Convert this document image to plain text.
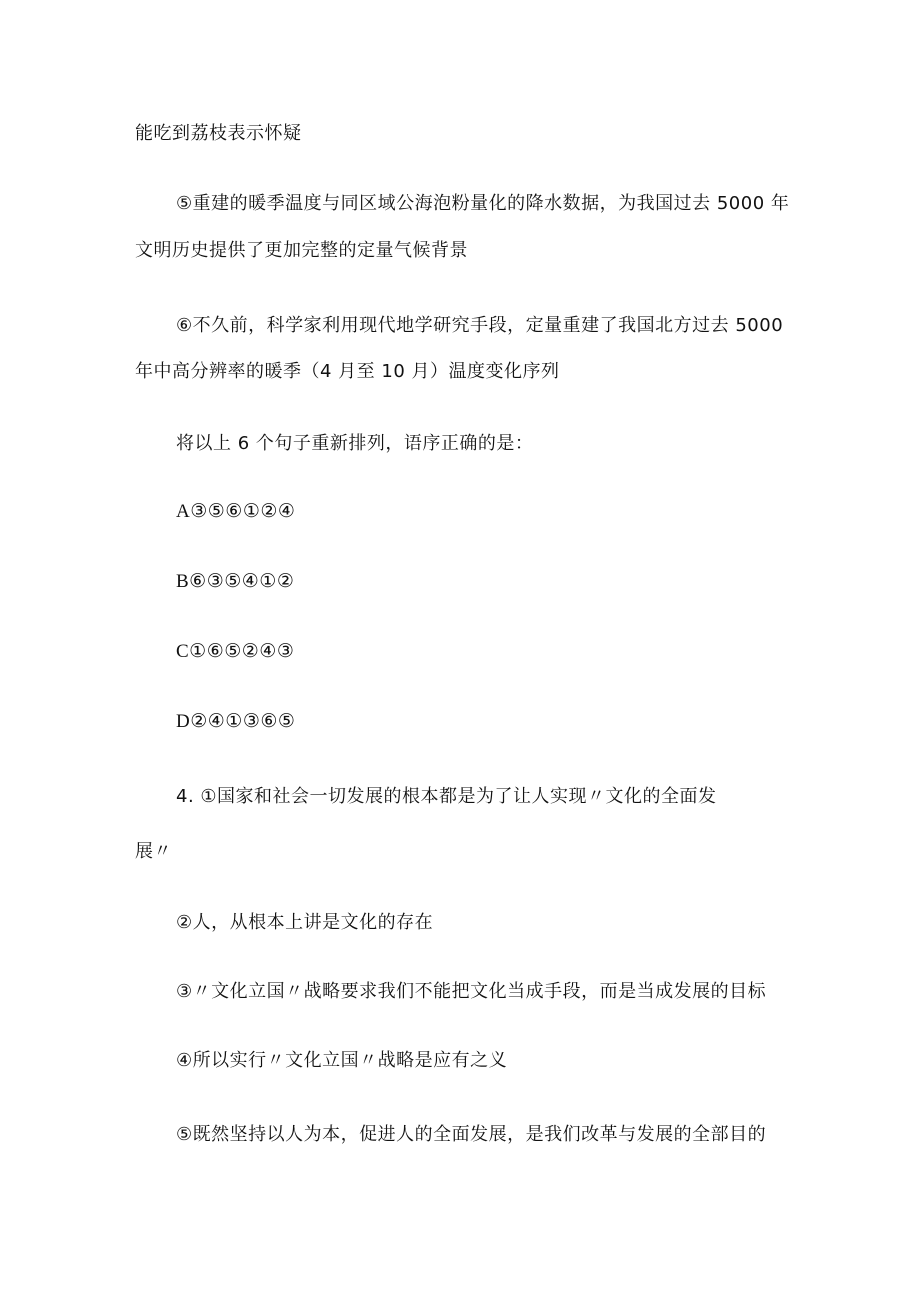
能吃到荔枝表示怀疑
⑤重建的暖季温度与同区域公海泡粉量化的降水数据，为我国过去 5000 年
文明历史提供了更加完整的定量气候背景
⑥不久前，科学家利用现代地学研究手段，定量重建了我国北方过去 5000
年中高分辨率的暖季（4 月至 10 月）温度变化序列
将以上 6 个句子重新排列，语序正确的是：
A③⑤⑥①②④
B⑥③⑤④①②
C①⑥⑤②④③
D②④①③⑥⑤
4. ①国家和社会一切发展的根本都是为了让人实现〃文化的全面发
展〃
②人，从根本上讲是文化的存在
③〃文化立国〃战略要求我们不能把文化当成手段，而是当成发展的目标
④所以实行〃文化立国〃战略是应有之义
⑤既然坚持以人为本，促进人的全面发展，是我们改革与发展的全部目的
